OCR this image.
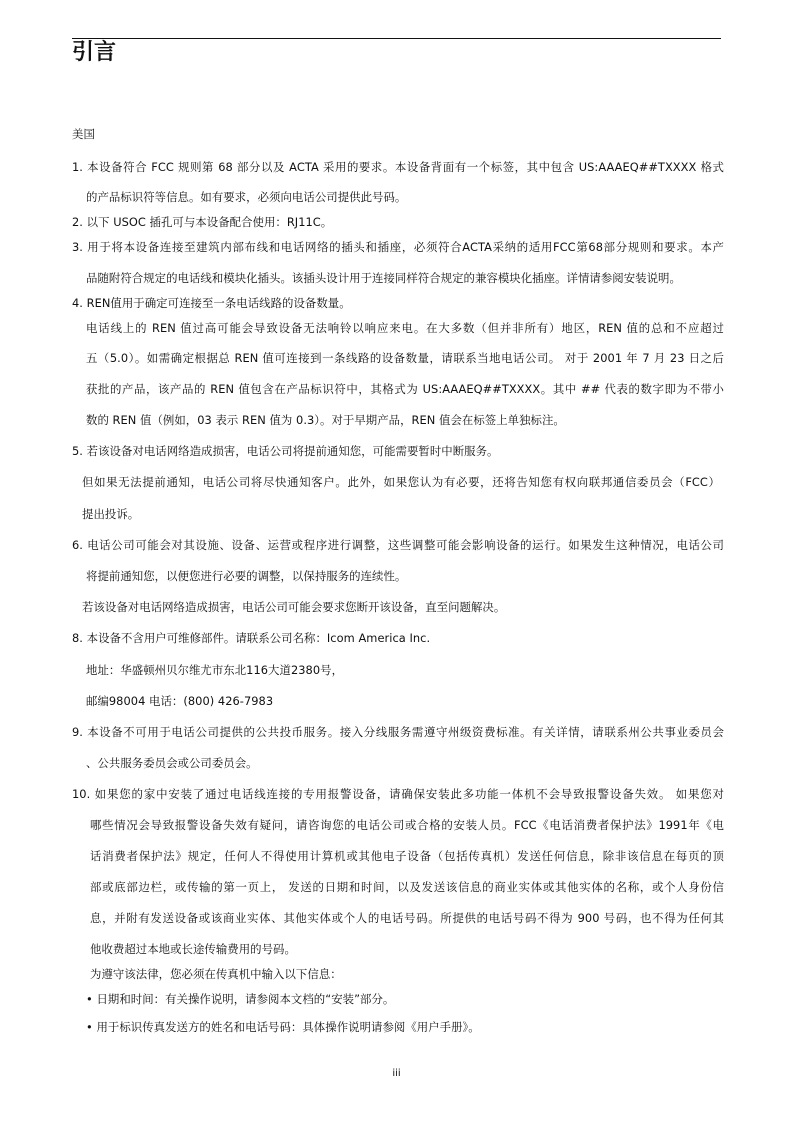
引言
美国
1. 本设备符合 FCC 规则第 68 部分以及 ACTA 采用的要求。本设备背面有一个标签，其中包含 US:AAAEQ##TXXXX 格式
的产品标识符等信息。如有要求，必须向电话公司提供此号码。
2. 以下 USOC 插孔可与本设备配合使用：RJ11C。
3. 用于将本设备连接至建筑内部布线和电话网络的插头和插座，必须符合ACTA采纳的适用FCC第68部分规则和要求。本产
品随附符合规定的电话线和模块化插头。该插头设计用于连接同样符合规定的兼容模块化插座。详情请参阅安装说明。
4. REN值用于确定可连接至一条电话线路的设备数量。
电话线上的 REN 值过高可能会导致设备无法响铃以响应来电。在大多数（但并非所有）地区，REN 值的总和不应超过
五（5.0）。如需确定根据总 REN 值可连接到一条线路的设备数量，请联系当地电话公司。 对于 2001 年 7 月 23 日之后
获批的产品，该产品的 REN 值包含在产品标识符中，其格式为 US:AAAEQ##TXXXX。其中 ## 代表的数字即为不带小
数的 REN 值（例如，03 表示 REN 值为 0.3）。对于早期产品，REN 值会在标签上单独标注。
5. 若该设备对电话网络造成损害，电话公司将提前通知您，可能需要暂时中断服务。
但如果无法提前通知，电话公司将尽快通知客户。此外，如果您认为有必要，还将告知您有权向联邦通信委员会（FCC）
提出投诉。
6. 电话公司可能会对其设施、设备、运营或程序进行调整，这些调整可能会影响设备的运行。如果发生这种情况，电话公司
将提前通知您，以便您进行必要的调整，以保持服务的连续性。
若该设备对电话网络造成损害，电话公司可能会要求您断开该设备，直至问题解决。
8. 本设备不含用户可维修部件。请联系公司名称：Icom America Inc.
地址：华盛顿州贝尔维尤市东北116大道2380号，
邮编98004 电话：(800) 426-7983
9. 本设备不可用于电话公司提供的公共投币服务。接入分线服务需遵守州级资费标准。有关详情，请联系州公共事业委员会
、公共服务委员会或公司委员会。
10. 如果您的家中安装了通过电话线连接的专用报警设备，请确保安装此多功能一体机不会导致报警设备失效。 如果您对
哪些情况会导致报警设备失效有疑问，请咨询您的电话公司或合格的安装人员。FCC《电话消费者保护法》1991年《电
话消费者保护法》规定，任何人不得使用计算机或其他电子设备（包括传真机）发送任何信息，除非该信息在每页的顶
部或底部边栏，或传输的第一页上， 发送的日期和时间，以及发送该信息的商业实体或其他实体的名称，或个人身份信
息，并附有发送设备或该商业实体、其他实体或个人的电话号码。所提供的电话号码不得为 900 号码，也不得为任何其
他收费超过本地或长途传输费用的号码。
为遵守该法律，您必须在传真机中输入以下信息：
• 日期和时间：有关操作说明，请参阅本文档的“安装”部分。
• 用于标识传真发送方的姓名和电话号码：具体操作说明请参阅《用户手册》。
iii
